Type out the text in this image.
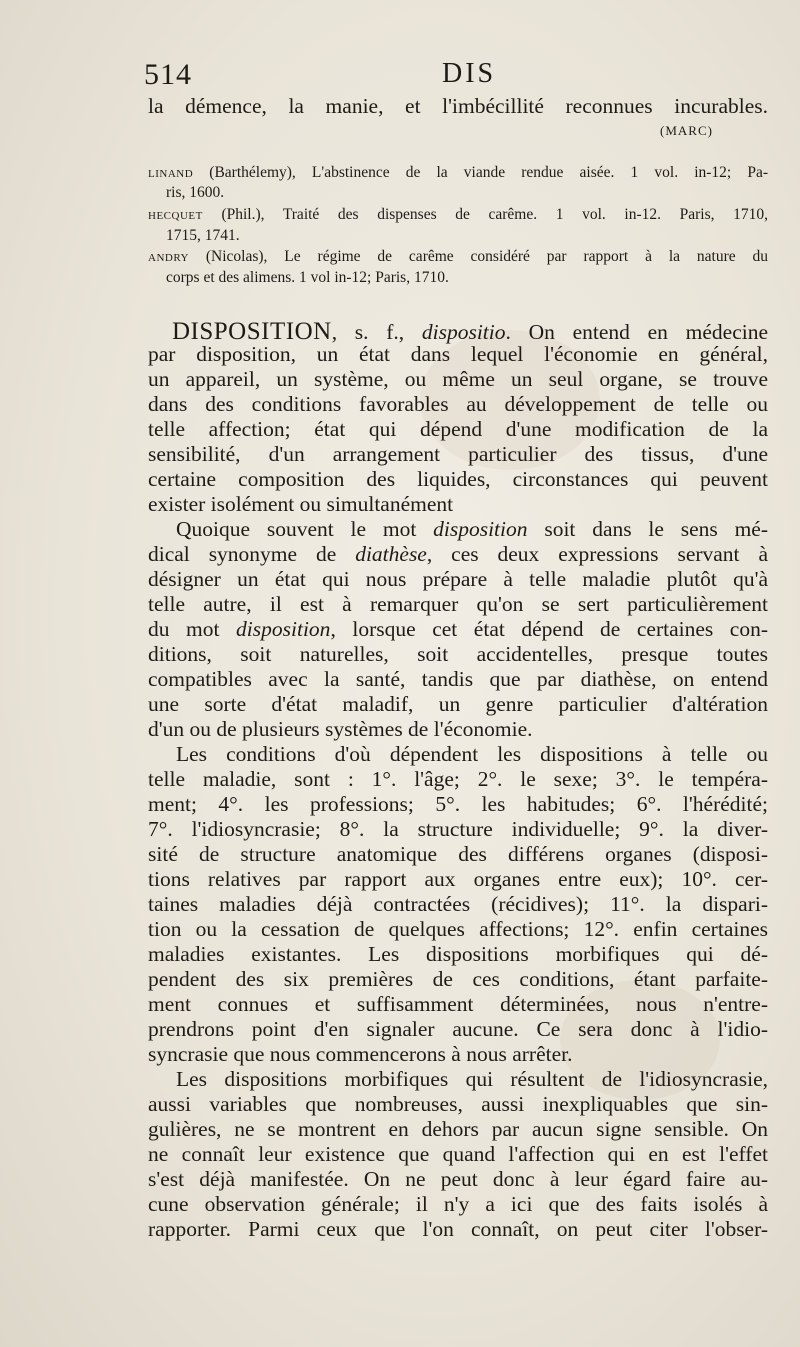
514	DIS
la démence, la manie, et l'imbécillité reconnues incurables.
(MARC)
LINAND (Barthélemy), L'abstinence de la viande rendue aisée. 1 vol. in-12; Pa-
ris, 1600.
HECQUET (Phil.), Traité des dispenses de carême. 1 vol. in-12. Paris, 1710,
1715, 1741.
ANDRY (Nicolas), Le régime de carême considéré par rapport à la nature du
corps et des alimens. 1 vol in-12; Paris, 1710.
DISPOSITION, s. f., dispositio. On entend en médecine
par disposition, un état dans lequel l'économie en général,
un appareil, un système, ou même un seul organe, se trouve
dans des conditions favorables au développement de telle ou
telle affection; état qui dépend d'une modification de la
sensibilité, d'un arrangement particulier des tissus, d'une
certaine composition des liquides, circonstances qui peuvent
exister isolément ou simultanément
Quoique souvent le mot disposition soit dans le sens mé-
dical synonyme de diathèse, ces deux expressions servant à
désigner un état qui nous prépare à telle maladie plutôt qu'à
telle autre, il est à remarquer qu'on se sert particulièrement
du mot disposition, lorsque cet état dépend de certaines con-
ditions, soit naturelles, soit accidentelles, presque toutes
compatibles avec la santé, tandis que par diathèse, on entend
une sorte d'état maladif, un genre particulier d'altération
d'un ou de plusieurs systèmes de l'économie.
Les conditions d'où dépendent les dispositions à telle ou
telle maladie, sont : 1°. l'âge; 2°. le sexe; 3°. le tempéra-
ment; 4°. les professions; 5°. les habitudes; 6°. l'hérédité;
7°. l'idiosyncrasie; 8°. la structure individuelle; 9°. la diver-
sité de structure anatomique des différens organes (disposi-
tions relatives par rapport aux organes entre eux); 10°. cer-
taines maladies déjà contractées (récidives); 11°. la dispari-
tion ou la cessation de quelques affections; 12°. enfin certaines
maladies existantes. Les dispositions morbifiques qui dé-
pendent des six premières de ces conditions, étant parfaite-
ment connues et suffisamment déterminées, nous n'entre-
prendrons point d'en signaler aucune. Ce sera donc à l'idio-
syncrasie que nous commencerons à nous arrêter.
Les dispositions morbifiques qui résultent de l'idiosyncrasie,
aussi variables que nombreuses, aussi inexpliquables que sin-
gulières, ne se montrent en dehors par aucun signe sensible. On
ne connaît leur existence que quand l'affection qui en est l'effet
s'est déjà manifestée. On ne peut donc à leur égard faire au-
cune observation générale; il n'y a ici que des faits isolés à
rapporter. Parmi ceux que l'on connaît, on peut citer l'obser-
